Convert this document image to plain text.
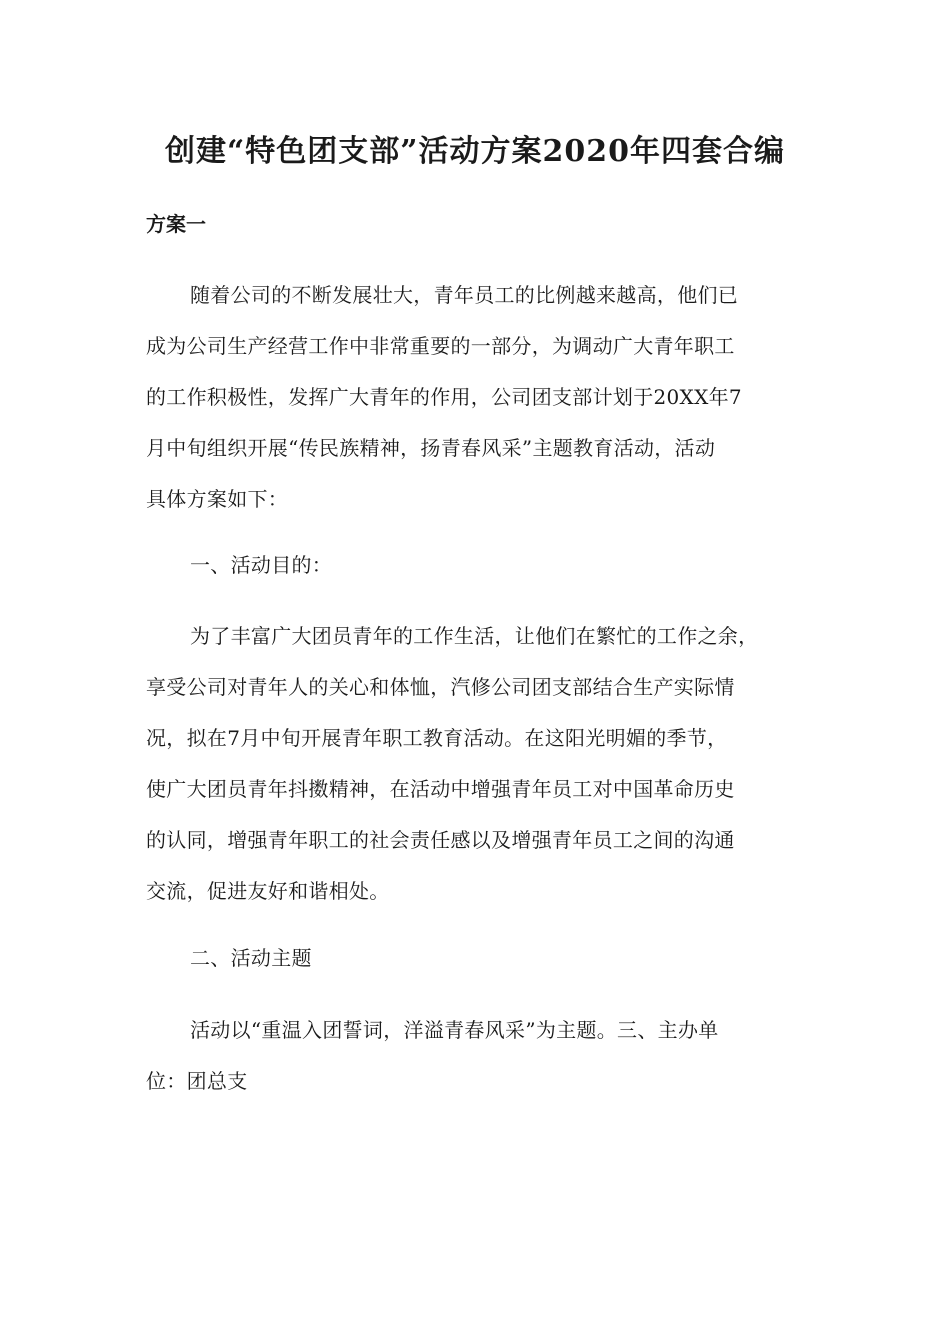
创建“特色团支部”活动方案2020年四套合编
方案一
随着公司的不断发展壮大，青年员工的比例越来越高，他们已
成为公司生产经营工作中非常重要的一部分，为调动广大青年职工
的工作积极性，发挥广大青年的作用，公司团支部计划于20XX年7
月中旬组织开展“传民族精神，扬青春风采”主题教育活动，活动
具体方案如下：
一、活动目的：
为了丰富广大团员青年的工作生活，让他们在繁忙的工作之余，
享受公司对青年人的关心和体恤，汽修公司团支部结合生产实际情
况，拟在7月中旬开展青年职工教育活动。在这阳光明媚的季节，
使广大团员青年抖擞精神，在活动中增强青年员工对中国革命历史
的认同，增强青年职工的社会责任感以及增强青年员工之间的沟通
交流，促进友好和谐相处。
二、活动主题
活动以“重温入团誓词，洋溢青春风采”为主题。三、主办单
位：团总支
